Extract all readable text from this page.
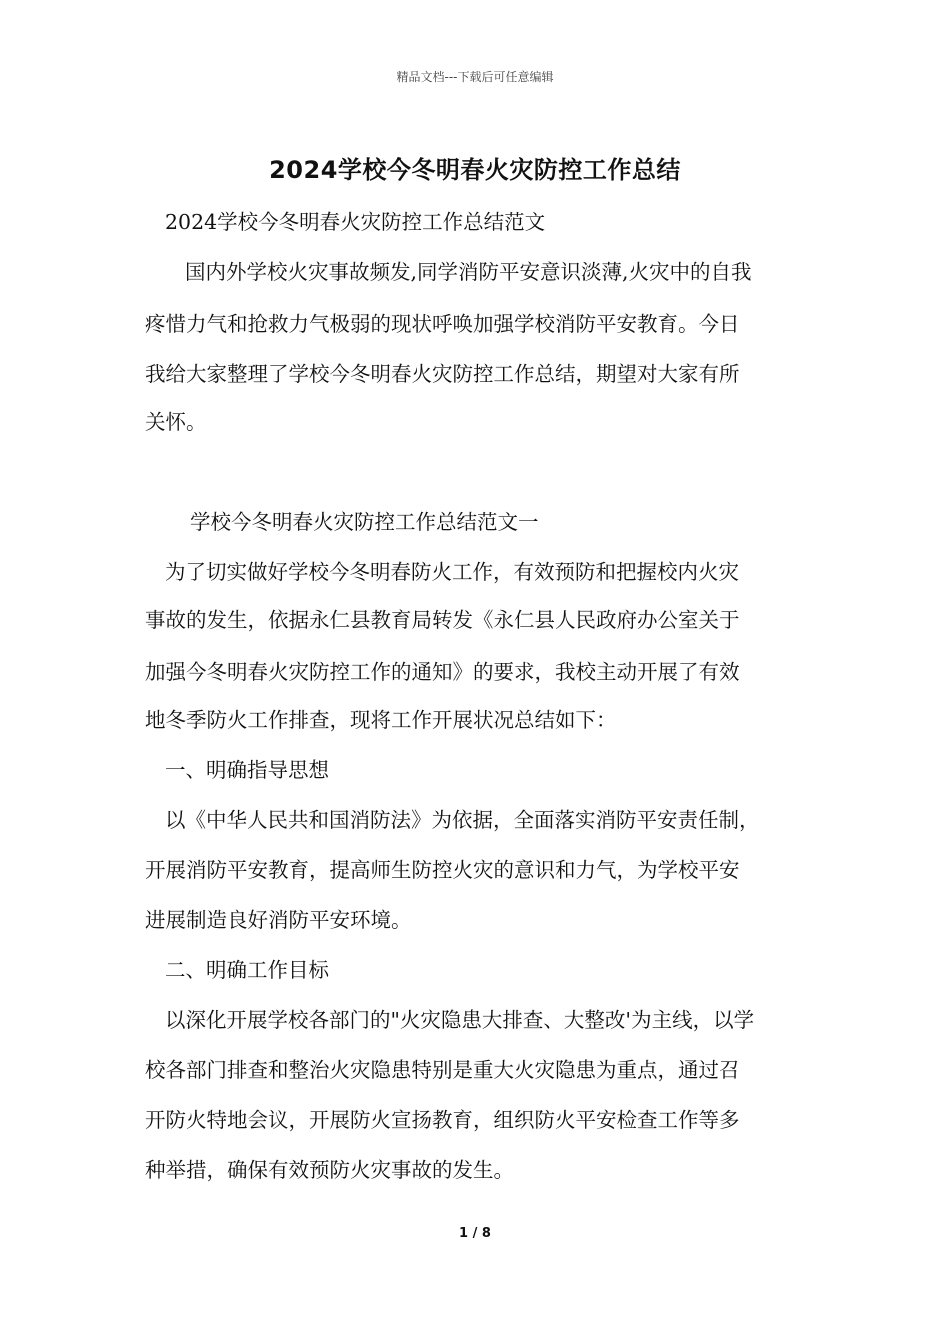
精品文档---下载后可任意编辑
2024学校今冬明春火灾防控工作总结
2024学校今冬明春火灾防控工作总结范文
国内外学校火灾事故频发,同学消防平安意识淡薄,火灾中的自我
疼惜力气和抢救力气极弱的现状呼唤加强学校消防平安教育。今日
我给大家整理了学校今冬明春火灾防控工作总结，期望对大家有所
关怀。
学校今冬明春火灾防控工作总结范文一
为了切实做好学校今冬明春防火工作，有效预防和把握校内火灾
事故的发生，依据永仁县教育局转发《永仁县人民政府办公室关于
加强今冬明春火灾防控工作的通知》的要求，我校主动开展了有效
地冬季防火工作排查，现将工作开展状况总结如下：
一、明确指导思想
以《中华人民共和国消防法》为依据，全面落实消防平安责任制，
开展消防平安教育，提高师生防控火灾的意识和力气，为学校平安
进展制造良好消防平安环境。
二、明确工作目标
以深化开展学校各部门的"火灾隐患大排查、大整改'为主线，以学
校各部门排查和整治火灾隐患特别是重大火灾隐患为重点，通过召
开防火特地会议，开展防火宣扬教育，组织防火平安检查工作等多
种举措，确保有效预防火灾事故的发生。
1 / 8
